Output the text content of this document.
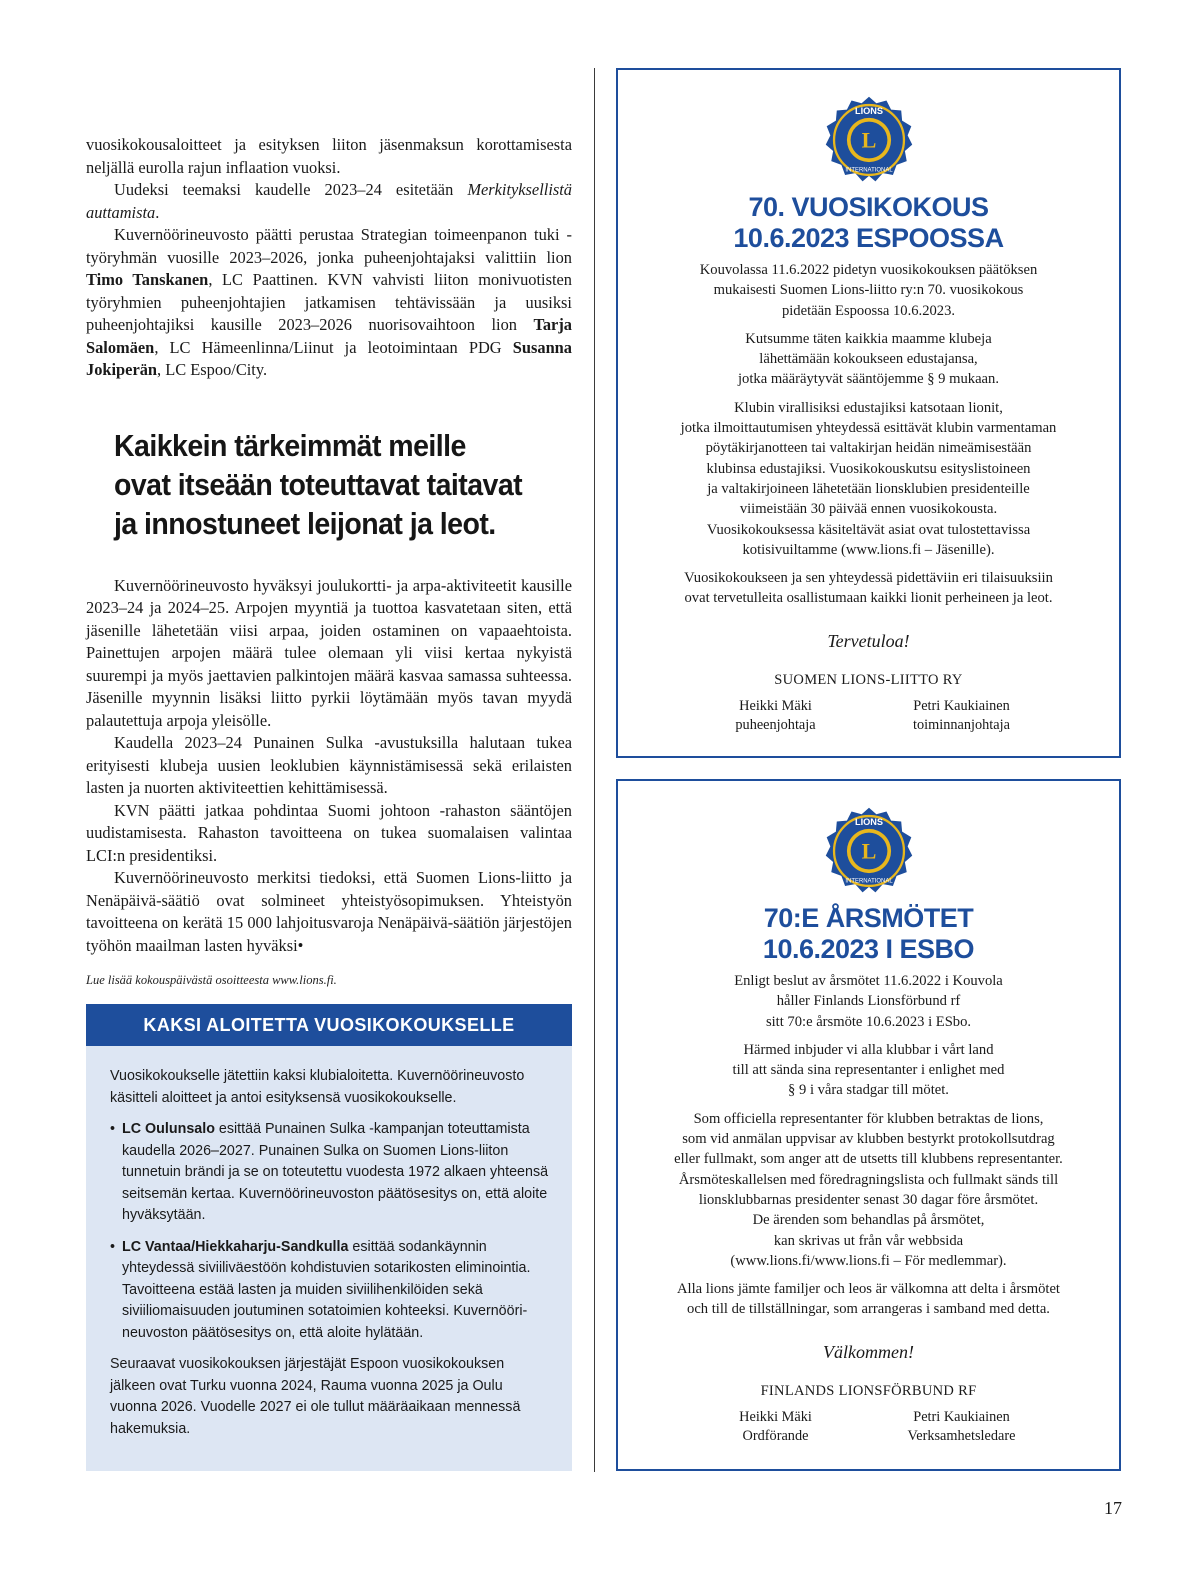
vuosikokousaloitteet ja esityksen liiton jäsenmaksun korottamisesta neljällä eurolla rajun inflaation vuoksi.

Uudeksi teemaksi kaudelle 2023–24 esitetään Merkityksellistä auttamista.

Kuvernöörineuvosto päätti perustaa Strategian toimeenpanon tuki -työryhmän vuosille 2023–2026, jonka puheenjohtajaksi valittiin lion Timo Tanskanen, LC Paattinen. KVN vahvisti liiton monivuotisten työryhmien puheenjohtajien jatkamisen tehtävissään ja uusiksi puheenjohtajiksi kausille 2023–2026 nuorisovaihtoon lion Tarja Salomäen, LC Hämeenlinna/Liinut ja leotoimintaan PDG Susanna Jokiperän, LC Espoo/City.

Kaikkein tärkeimmät meille
ovat itseään toteuttavat taitavat
ja innostuneet leijonat ja leot.

Kuvernöörineuvosto hyväksyi joulukortti- ja arpa-aktiviteetit kausille 2023–24 ja 2024–25. Arpojen myyntiä ja tuottoa kasvatetaan siten, että jäsenille lähetetään viisi arpaa, joiden ostaminen on vapaaehtoista. Painettujen arpojen määrä tulee olemaan yli viisi kertaa nykyistä suurempi ja myös jaettavien palkintojen määrä kasvaa samassa suhteessa. Jäsenille myynnin lisäksi liitto pyrkii löytämään myös tavan myydä palautettuja arpoja yleisölle.

Kaudella 2023–24 Punainen Sulka -avustuksilla halutaan tukea erityisesti klubeja uusien leoklubien käynnistämisessä sekä erilaisten lasten ja nuorten aktiviteettien kehittämisessä.

KVN päätti jatkaa pohdintaa Suomi johtoon -rahaston sääntöjen uudistamisesta. Rahaston tavoitteena on tukea suomalaisen valintaa LCI:n presidentiksi.

Kuvernöörineuvosto merkitsi tiedoksi, että Suomen Lions-liitto ja Nenäpäivä-säätiö ovat solmineet yhteistyösopimuksen. Yhteistyön tavoitteena on kerätä 15 000 lahjoitusvaroja Nenäpäivä-säätiön järjestöjen työhön maailman lasten hyväksi•

Lue lisää kokouspäivästä osoitteesta www.lions.fi.
KAKSI ALOITETTA VUOSIKOKOUKSELLE

Vuosikokoukselle jätettiin kaksi klubialoitetta. Kuvernöörineuvosto käsitteli aloitteet ja antoi esityksensä vuosikokoukselle.

• LC Oulunsalo esittää Punainen Sulka -kampanjan toteuttamista kaudella 2026–2027. Punainen Sulka on Suomen Lions-liiton tunnetuin brändi ja se on toteutettu vuodesta 1972 alkaen yhteensä seitsemän kertaa. Kuvernöörineuvoston päätösesitys on, että aloite hyväksytään.
• LC Vantaa/Hiekkaharju-Sandkulla esittää sodankäynnin yhteydessä siviiliväestöön kohdistuvien sotarikosten eliminointia. Tavoitteena estää lasten ja muiden siviilihenkilöiden sekä siviiliomaisuuden joutuminen sotatoimien kohteeksi. Kuvernöörineuvoston päätösesitys on, että aloite hylätään.

Seuraavat vuosikokouksen järjestäjät Espoon vuosikokouksen jälkeen ovat Turku vuonna 2024, Rauma vuonna 2025 ja Oulu vuonna 2026. Vuodelle 2027 ei ole tullut määräaikaan mennessä hakemuksia.

L
LIONS
INTERNATIONAL
70. VUOSIKOKOUS
10.6.2023 ESPOOSSA

Kouvolassa 11.6.2022 pidetyn vuosikokouksen päätöksen
mukaisesti Suomen Lions-liitto ry:n 70. vuosikokous
pidetään Espoossa 10.6.2023.

Kutsumme täten kaikkia maamme klubeja
lähettämään kokoukseen edustajansa,
jotka määräytyvät sääntöjemme § 9 mukaan.

Klubin virallisiksi edustajiksi katsotaan lionit,
jotka ilmoittautumisen yhteydessä esittävät klubin varmentaman
pöytäkirjanotteen tai valtakirjan heidän nimeämisestään
klubinsa edustajiksi. Vuosikokouskutsu esityslistoineen
ja valtakirjoineen lähetetään lionsklubien presidenteille
viimeistään 30 päivää ennen vuosikokousta.
Vuosikokouksessa käsiteltävät asiat ovat tulostettavissa
kotisivuiltamme (www.lions.fi – Jäsenille).

Vuosikokoukseen ja sen yhteydessä pidettäviin eri tilaisuuksiin
ovat tervetulleita osallistumaan kaikki lionit perheineen ja leot.

Tervetuloa!
SUOMEN LIONS-LIITTO RY
Heikki Mäki
puheenjohtaja
Petri Kaukiainen
toiminnanjohtaja
L
LIONS
INTERNATIONAL
70:E ÅRSMÖTET
10.6.2023 I ESBO

Enligt beslut av årsmötet 11.6.2022 i Kouvola
håller Finlands Lionsförbund rf
sitt 70:e årsmöte 10.6.2023 i ESbo.

Härmed inbjuder vi alla klubbar i vårt land
till att sända sina representanter i enlighet med
§ 9 i våra stadgar till mötet.

Som officiella representanter för klubben betraktas de lions,
som vid anmälan uppvisar av klubben bestyrkt protokollsutdrag
eller fullmakt, som anger att de utsetts till klubbens representanter.
Årsmöteskallelsen med föredragningslista och fullmakt sänds till
lionsklubbarnas presidenter senast 30 dagar före årsmötet.
De ärenden som behandlas på årsmötet,
kan skrivas ut från vår webbsida
(www.lions.fi/www.lions.fi – För medlemmar).

Alla lions jämte familjer och leos är välkomna att delta i årsmötet
och till de tillställningar, som arrangeras i samband med detta.

Välkommen!
FINLANDS LIONSFÖRBUND RF
Heikki Mäki
Ordförande
Petri Kaukiainen
Verksamhetsledare
17
